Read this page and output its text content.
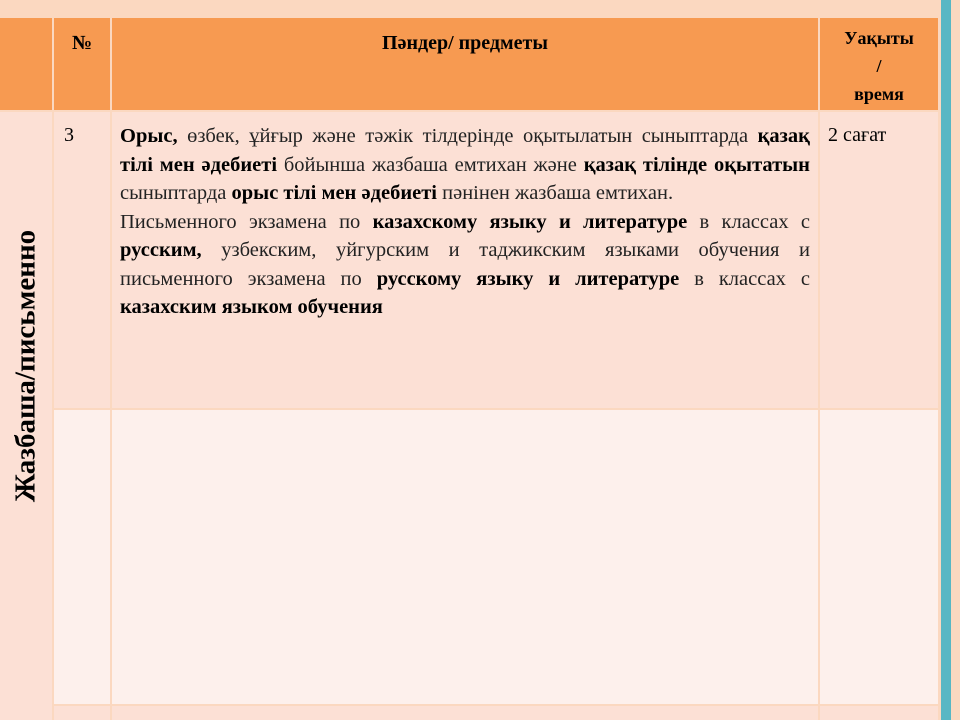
№	Пәндер/ предметы	Уақыты
/
время
Жазбаша/письменно
3 Орыс, өзбек, ұйғыр және тәжік тілдерінде оқытылатын сыныптарда қазақ тілі мен әдебиеті бойынша жазбаша емтихан және қазақ тілінде оқытатын сыныптарда орыс тілі мен әдебиеті пәнінен жазбаша емтихан.

Письменного экзамена по казахскому языку и литературе в классах с русским, узбекским, уйгурским и таджикским языками обучения и письменного экзамена по русскому языку и литературе в классах с казахским языком обучения

2 сағат
